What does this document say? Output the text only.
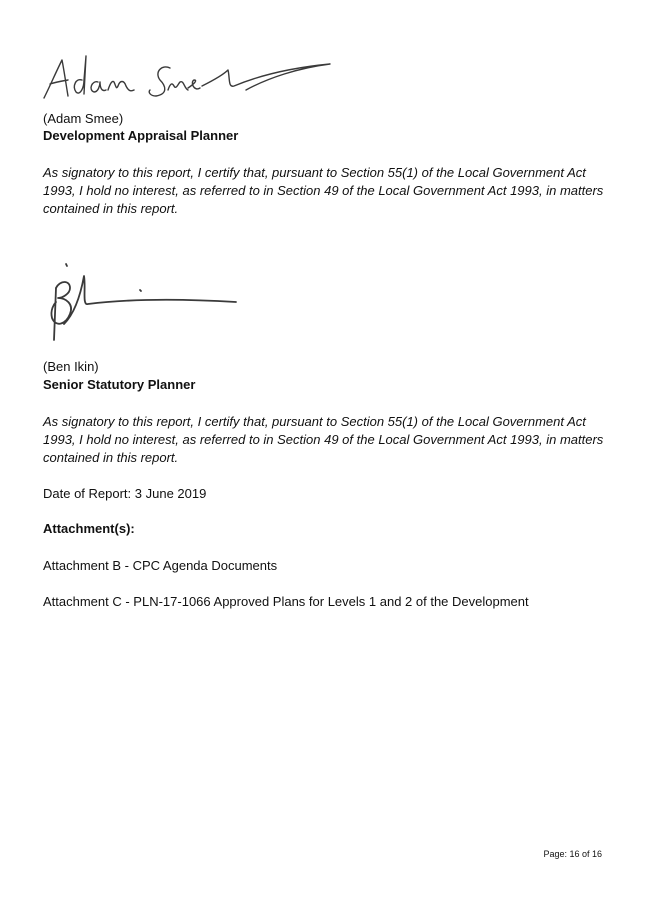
(Adam Smee)
Development Appraisal Planner
As signatory to this report, I certify that, pursuant to Section 55(1) of the Local Government Act 1993, I hold no interest, as referred to in Section 49 of the Local Government Act 1993, in matters contained in this report.
(Ben Ikin)
Senior Statutory Planner
As signatory to this report, I certify that, pursuant to Section 55(1) of the Local Government Act 1993, I hold no interest, as referred to in Section 49 of the Local Government Act 1993, in matters contained in this report.
Date of Report: 3 June 2019
Attachment(s):
Attachment B - CPC Agenda Documents
Attachment C - PLN-17-1066 Approved Plans for Levels 1 and 2 of the Development
Page: 16 of 16
